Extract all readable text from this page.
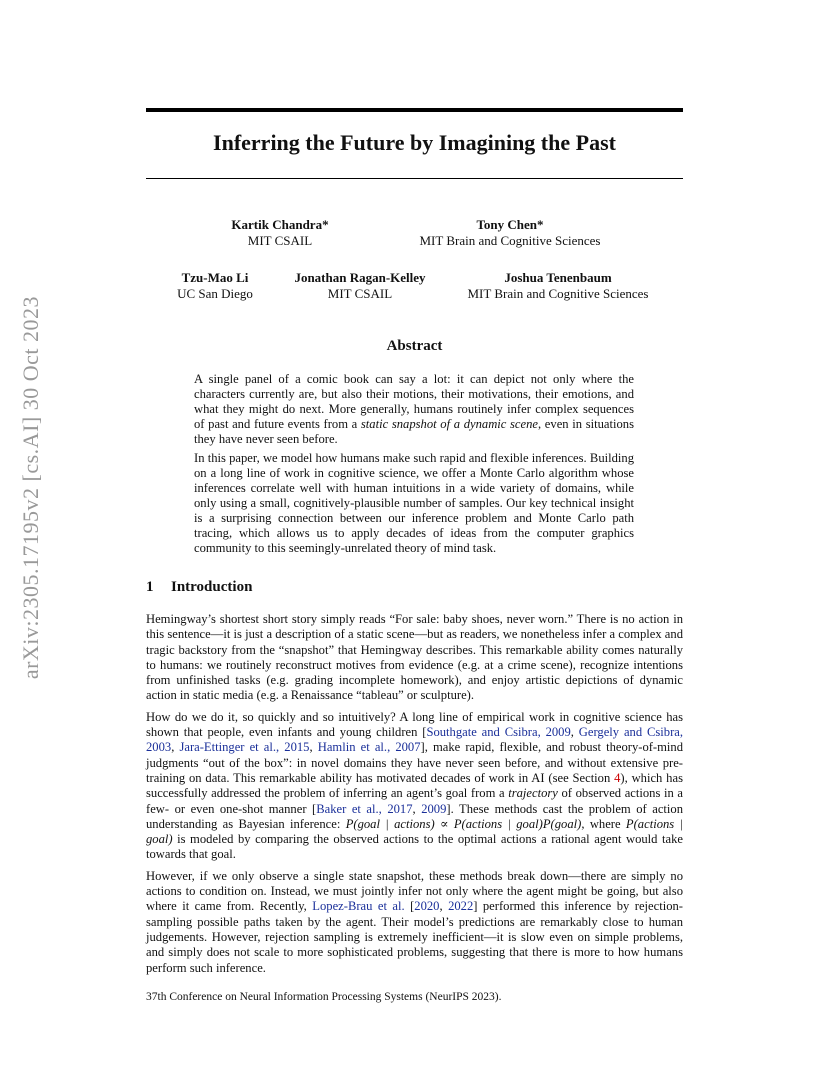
arXiv:2305.17195v2 [cs.AI] 30 Oct 2023
Inferring the Future by Imagining the Past
Kartik Chandra*
MIT CSAIL
Tony Chen*
MIT Brain and Cognitive Sciences
Tzu-Mao Li
UC San Diego
Jonathan Ragan-Kelley
MIT CSAIL
Joshua Tenenbaum
MIT Brain and Cognitive Sciences
Abstract

A single panel of a comic book can say a lot: it can depict not only where the characters currently are, but also their motions, their motivations, their emotions, and what they might do next. More generally, humans routinely infer complex sequences of past and future events from a static snapshot of a dynamic scene, even in situations they have never seen before.

In this paper, we model how humans make such rapid and flexible inferences. Building on a long line of work in cognitive science, we offer a Monte Carlo algorithm whose inferences correlate well with human intuitions in a wide variety of domains, while only using a small, cognitively-plausible number of samples. Our key technical insight is a surprising connection between our inference problem and Monte Carlo path tracing, which allows us to apply decades of ideas from the computer graphics community to this seemingly-unrelated theory of mind task.

1 Introduction

Hemingway’s shortest short story simply reads “For sale: baby shoes, never worn.” There is no action in this sentence—it is just a description of a static scene—but as readers, we nonetheless infer a complex and tragic backstory from the “snapshot” that Hemingway describes. This remarkable ability comes naturally to humans: we routinely reconstruct motives from evidence (e.g. at a crime scene), recognize intentions from unfinished tasks (e.g. grading incomplete homework), and enjoy artistic depictions of dynamic action in static media (e.g. a Renaissance “tableau” or sculpture).

How do we do it, so quickly and so intuitively? A long line of empirical work in cognitive science has shown that people, even infants and young children [Southgate and Csibra, 2009, Gergely and Csibra, 2003, Jara-Ettinger et al., 2015, Hamlin et al., 2007], make rapid, flexible, and robust theory-of-mind judgments “out of the box”: in novel domains they have never seen before, and without extensive pre-training on data. This remarkable ability has motivated decades of work in AI (see Section 4), which has successfully addressed the problem of inferring an agent’s goal from a trajectory of observed actions in a few- or even one-shot manner [Baker et al., 2017, 2009]. These methods cast the problem of action understanding as Bayesian inference: P(goal | actions) ∝ P(actions | goal)P(goal), where P(actions | goal) is modeled by comparing the observed actions to the optimal actions a rational agent would take towards that goal.

However, if we only observe a single state snapshot, these methods break down—there are simply no actions to condition on. Instead, we must jointly infer not only where the agent might be going, but also where it came from. Recently, Lopez-Brau et al. [2020, 2022] performed this inference by rejection-sampling possible paths taken by the agent. Their model’s predictions are remarkably close to human judgements. However, rejection sampling is extremely inefficient—it is slow even on simple problems, and simply does not scale to more sophisticated problems, suggesting that there is more to how humans perform such inference.

37th Conference on Neural Information Processing Systems (NeurIPS 2023).
